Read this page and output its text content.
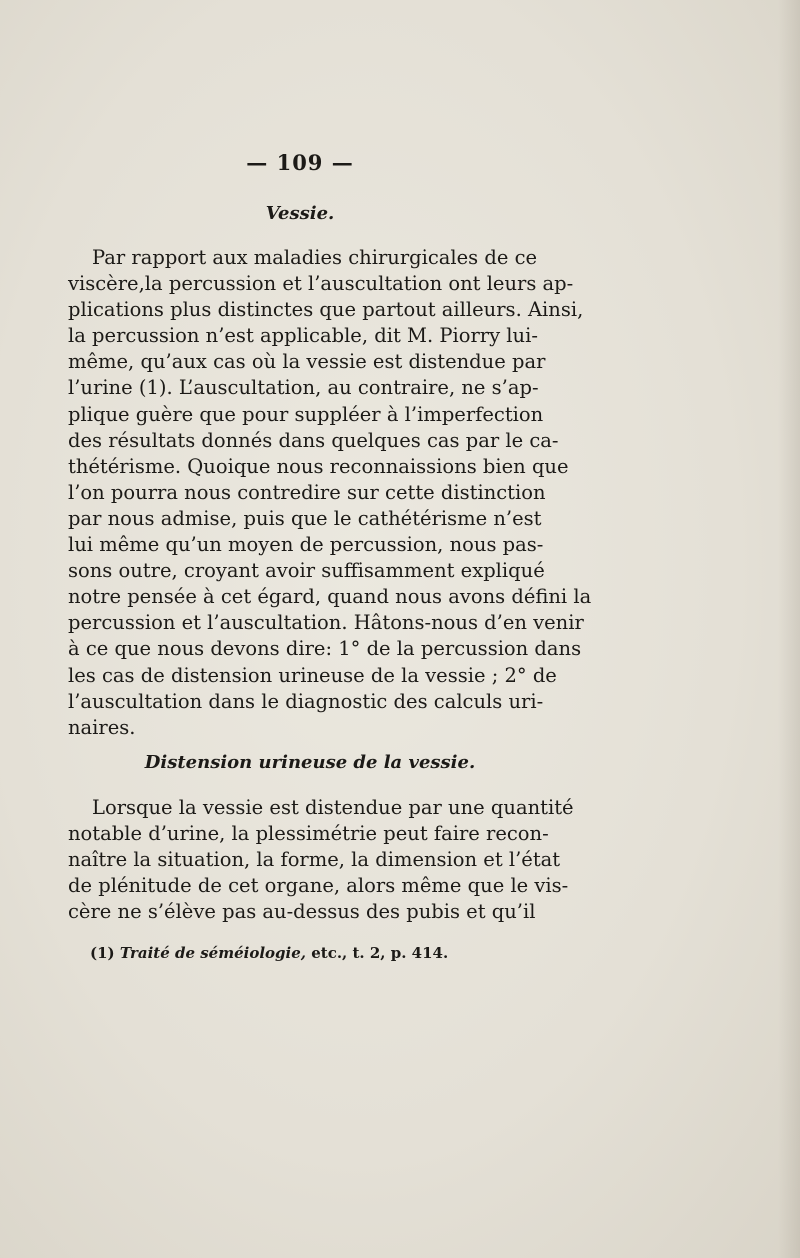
— 109 —
Vessie.
Par rapport aux maladies chirurgicales de ce
viscère,la percussion et l’auscultation ont leurs ap-
plications plus distinctes que partout ailleurs. Ainsi,
la percussion n’est applicable, dit M. Piorry lui-
même, qu’aux cas où la vessie est distendue par
l’urine (1). L’auscultation, au contraire, ne s’ap-
plique guère que pour suppléer à l’imperfection
des résultats donnés dans quelques cas par le ca-
thétérisme. Quoique nous reconnaissions bien que
l’on pourra nous contredire sur cette distinction
par nous admise, puis que le cathétérisme n’est
lui même qu’un moyen de percussion, nous pas-
sons outre, croyant avoir suffisamment expliqué
notre pensée à cet égard, quand nous avons défini la
percussion et l’auscultation. Hâtons-nous d’en venir
à ce que nous devons dire: 1° de la percussion dans
les cas de distension urineuse de la vessie ; 2° de
l’auscultation dans le diagnostic des calculs uri-
naires.
Distension urineuse de la vessie.
Lorsque la vessie est distendue par une quantité
notable d’urine, la plessimétrie peut faire recon-
naître la situation, la forme, la dimension et l’état
de plénitude de cet organe, alors même que le vis-
cère ne s’élève pas au-dessus des pubis et qu’il
(1) Traité de séméiologie, etc., t. 2, p. 414.
